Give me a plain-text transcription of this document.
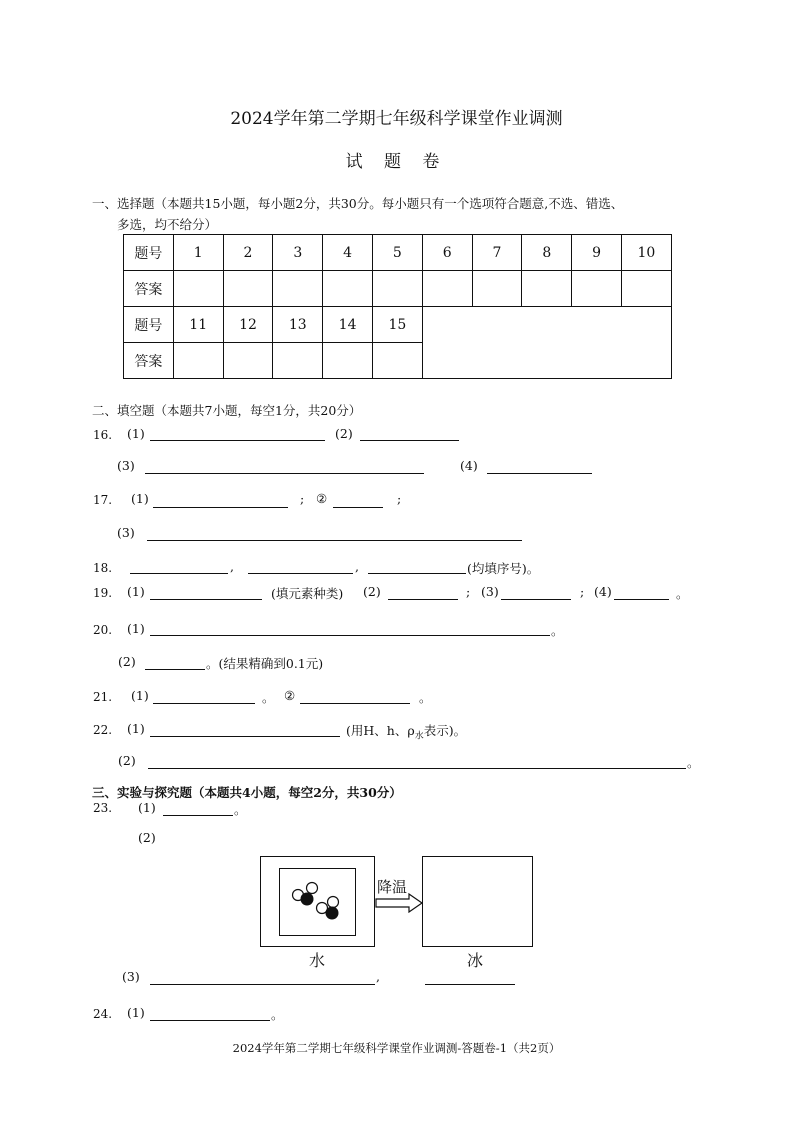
2024学年第二学期七年级科学课堂作业调测
试 题 卷
一、选择题（本题共15小题，每小题2分，共30分。每小题只有一个选项符合题意,不选、错选、
多选，均不给分）
题号	1	2	3	4	5	6	7	8	9	10
答案										
题号	11	12	13	14	15					
答案										
二、填空题（本题共7小题，每空1分，共20分）
16. (1)	(2)
(3)	(4)
17. (1)	; ②	;
(3)
18.	,	,	(均填序号)。
19. (1)	(填元素种类) (2)	; (3)	; (4)	。
20. (1)	。
(2)	。(结果精确到0.1元)
21. (1)	。 ②	。
22. (1)	(用H、h、$\rho_水$表示)。
(2)	。
三、实验与探究题（本题共4小题，每空2分，共30分）
23. (1)	。
(2)
降温
水	冰
(3)	,
24. (1)	。
2024学年第二学期七年级科学课堂作业调测-答题卷-1（共2页）
